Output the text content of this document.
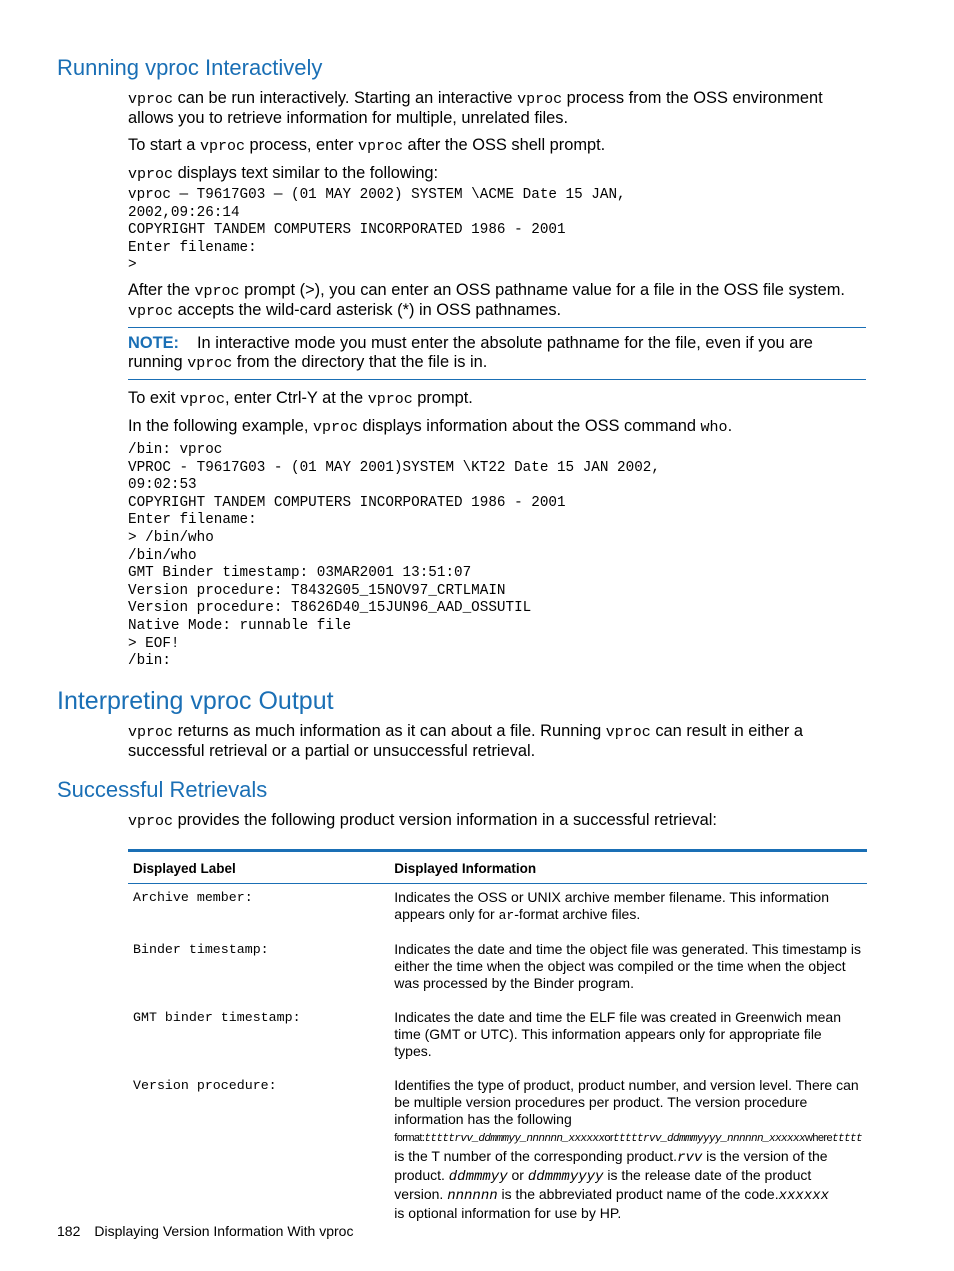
Running vproc Interactively

vproc can be run interactively. Starting an interactive vproc process from the OSS environment allows you to retrieve information for multiple, unrelated files.

To start a vproc process, enter vproc after the OSS shell prompt.

vproc displays text similar to the following:

vproc — T9617G03 — (01 MAY 2002) SYSTEM \ACME Date 15 JAN,
2002,09:26:14
COPYRIGHT TANDEM COMPUTERS INCORPORATED 1986 - 2001
Enter filename:
>

After the vproc prompt (>), you can enter an OSS pathname value for a file in the OSS file system.
vproc accepts the wild-card asterisk (*) in OSS pathnames.

NOTE: In interactive mode you must enter the absolute pathname for the file, even if you are running vproc from the directory that the file is in.

To exit vproc, enter Ctrl-Y at the vproc prompt.

In the following example, vproc displays information about the OSS command who.

/bin: vproc
VPROC - T9617G03 - (01 MAY 2001)SYSTEM \KT22 Date 15 JAN 2002,
09:02:53
COPYRIGHT TANDEM COMPUTERS INCORPORATED 1986 - 2001
Enter filename:
> /bin/who
/bin/who
GMT Binder timestamp: 03MAR2001 13:51:07
Version procedure: T8432G05_15NOV97_CRTLMAIN
Version procedure: T8626D40_15JUN96_AAD_OSSUTIL
Native Mode: runnable file
> EOF!
/bin:
Interpreting vproc Output

vproc returns as much information as it can about a file. Running vproc can result in either a successful retrieval or a partial or unsuccessful retrieval.

Successful Retrievals

vproc provides the following product version information in a successful retrieval:

Displayed Label	Displayed Information
Archive member:	Indicates the OSS or UNIX archive member filename. This information appears only for ar-format archive files.
Binder timestamp:	Indicates the date and time the object file was generated. This timestamp is either the time when the object was compiled or the time when the object was processed by the Binder program.
GMT binder timestamp:	Indicates the date and time the ELF file was created in Greenwich mean time (GMT or UTC). This information appears only for appropriate file types.
Version procedure:	Identifies the type of product, product number, and version level. There can be multiple version procedures per product. The version procedure information has the following
format:tttttrvv_ddmmmyy_nnnnnn_xxxxxxortttttrvv_ddmmmyyyy_nnnnnn_xxxxxxwherettttt
is the T number of the corresponding product.rvv is the version of the product. ddmmmyy or ddmmmyyyy is the release date of the product version. nnnnnn is the abbreviated product name of the code.xxxxxx
is optional information for use by HP.
182 Displaying Version Information With vproc
